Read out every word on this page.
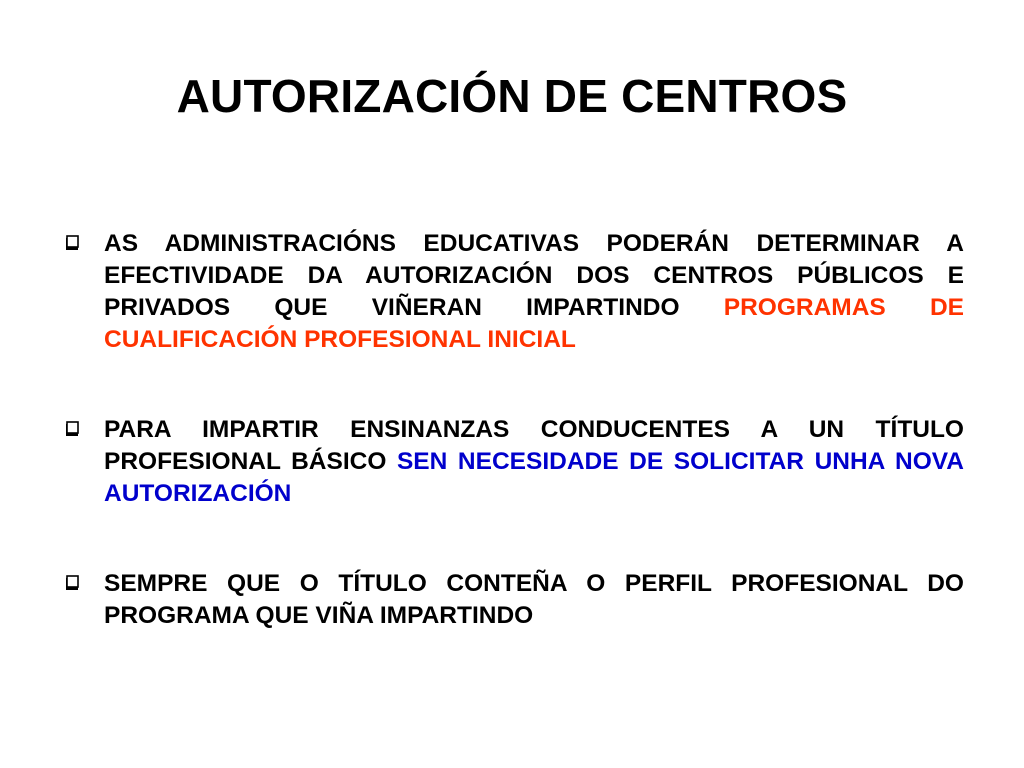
AUTORIZACIÓN DE CENTROS
AS ADMINISTRACIÓNS EDUCATIVAS PODERÁN DETERMINAR A EFECTIVIDADE DA AUTORIZACIÓN DOS CENTROS PÚBLICOS E PRIVADOS QUE VIÑERAN IMPARTINDO PROGRAMAS DE CUALIFICACIÓN PROFESIONAL INICIAL
PARA IMPARTIR ENSINANZAS CONDUCENTES A UN TÍTULO PROFESIONAL BÁSICO SEN NECESIDADE DE SOLICITAR UNHA NOVA AUTORIZACIÓN
SEMPRE QUE O TÍTULO CONTEÑA O PERFIL PROFESIONAL DO PROGRAMA QUE VIÑA IMPARTINDO
